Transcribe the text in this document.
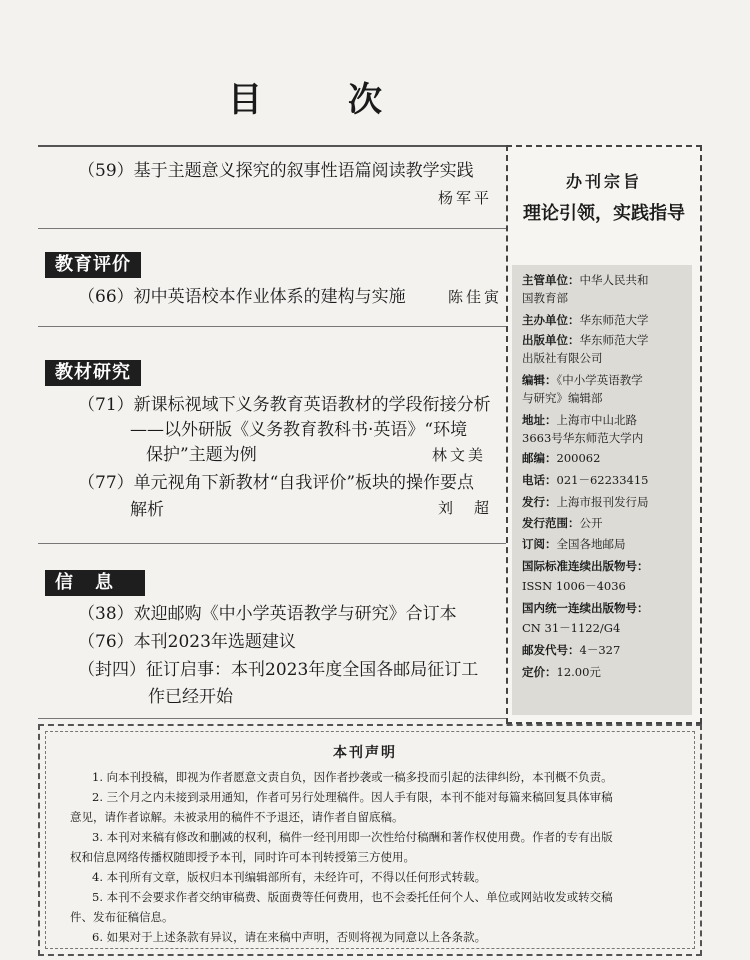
目	次
（59）基于主题意义探究的叙事性语篇阅读教学实践
杨军平
教育评价
（66）初中英语校本作业体系的建构与实施	陈佳寅
教材研究
（71）新课标视域下义务教育英语教材的学段衔接分析
——以外研版《义务教育教科书·英语》“环境
保护”主题为例	林文美
（77）单元视角下新教材“自我评价”板块的操作要点
解析	刘　超
信息
（38）欢迎邮购《中小学英语教学与研究》合订本
（76）本刊2023年选题建议
（封四）征订启事：本刊2023年度全国各邮局征订工
作已经开始
办刊宗旨
理论引领，实践指导
主管单位：中华人民共和
国教育部
主办单位：华东师范大学
出版单位：华东师范大学
出版社有限公司
编辑：《中小学英语教学
与研究》编辑部
地址：上海市中山北路
3663号华东师范大学内
邮编：200062
电话：021－62233415
发行：上海市报刊发行局
发行范围：公开
订阅：全国各地邮局
国际标准连续出版物号：
ISSN 1006－4036
国内统一连续出版物号：
CN 31－1122/G4
邮发代号：4－327
定价：12.00元
本刊声明
1. 向本刊投稿，即视为作者愿意文责自负，因作者抄袭或一稿多投而引起的法律纠纷，本刊概不负责。
2. 三个月之内未接到录用通知，作者可另行处理稿件。因人手有限，本刊不能对每篇来稿回复具体审稿
意见，请作者谅解。未被录用的稿件不予退还，请作者自留底稿。
3. 本刊对来稿有修改和删减的权利，稿件一经刊用即一次性给付稿酬和著作权使用费。作者的专有出版
权和信息网络传播权随即授予本刊，同时许可本刊转授第三方使用。
4. 本刊所有文章，版权归本刊编辑部所有，未经许可，不得以任何形式转载。
5. 本刊不会要求作者交纳审稿费、版面费等任何费用，也不会委托任何个人、单位或网站收发或转交稿
件、发布征稿信息。
6. 如果对于上述条款有异议，请在来稿中声明，否则将视为同意以上各条款。
